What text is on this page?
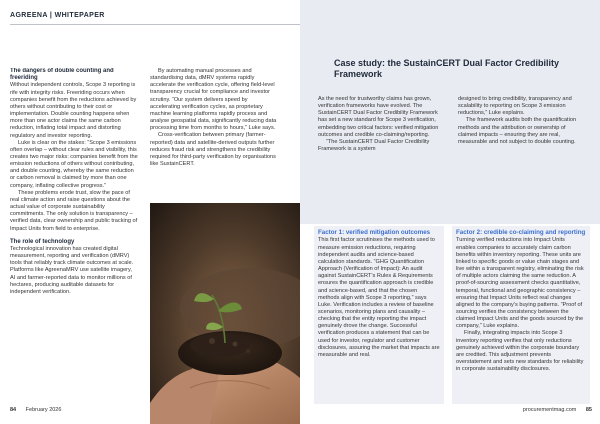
AGREENA | WHITEPAPER

The dangers of double counting and freeriding

Without independent controls, Scope 3 reporting is rife with integrity risks. Freeriding occurs when companies benefit from the reductions achieved by others without contributing to their cost or implementation. Double counting happens when more than one actor claims the same carbon reduction, inflating total impact and distorting regulatory and investor reporting.

Luke is clear on the stakes: “Scope 3 emissions often overlap – without clear rules and visibility, this creates two major risks: companies benefit from the emission reductions of others without contributing, and double counting, whereby the same reduction or carbon removal is claimed by more than one company, inflating collective progress.”

These problems erode trust, slow the pace of real climate action and raise questions about the actual value of corporate sustainability commitments. The only solution is transparency – verified data, clear ownership and public tracking of Impact Units from field to enterprise.

The role of technology

Technological innovation has created digital measurement, reporting and verification (dMRV) tools that reliably track climate outcomes at scale. Platforms like AgreenaMRV use satellite imagery, AI and farmer-reported data to monitor millions of hectares, producing auditable datasets for independent verification.

By automating manual processes and standardising data, dMRV systems rapidly accelerate the verification cycle, offering field-level transparency crucial for compliance and investor scrutiny. “Our system delivers speed by accelerating verification cycles, as proprietary machine learning platforms rapidly process and analyse geospatial data, significantly reducing data processing time from months to hours,” Luke says.

Cross-verification between primary (farmer-reported) data and satellite-derived outputs further reduces fraud risk and strengthens the credibility required for third-party verification by organisations like SustainCERT.

84 February 2026
Case study: the SustainCERT Dual Factor Credibility Framework

As the need for trustworthy claims has grown, verification frameworks have evolved. The SustainCERT Dual Factor Credibility Framework has set a new standard for Scope 3 verification, embedding two critical factors: verified mitigation outcomes and credible co-claiming/reporting.

“The SustainCERT Dual Factor Credibility Framework is a system

designed to bring credibility, transparency and scalability to reporting on Scope 3 emission reductions,” Luke explains.

The framework audits both the quantification methods and the attribution or ownership of claimed impacts – ensuring they are real, measurable and not subject to double counting.

Factor 1: verified mitigation outcomes

This first factor scrutinises the methods used to measure emission reductions, requiring independent audits and science-based calculation standards. “GHG Quantification Approach (Verification of Impact): An audit against SustainCERT’s Rules & Requirements ensures the quantification approach is credible and science-based, and that the chosen methods align with Scope 3 reporting,” says Luke. Verification includes a review of baseline scenarios, monitoring plans and causality – checking that the entity reporting the impact genuinely drove the change. Successful verification produces a statement that can be used for investor, regulator and customer disclosures, assuring the market that impacts are measurable and real.

Factor 2: credible co-claiming and reporting

Turning verified reductions into Impact Units enables companies to accurately claim carbon benefits within inventory reporting. These units are linked to specific goods or value chain stages and live within a transparent registry, eliminating the risk of multiple actors claiming the same reduction. A proof-of-sourcing assessment checks quantitative, temporal, functional and geographic consistency – ensuring that Impact Units reflect real changes aligned to the company’s buying patterns. “Proof of sourcing verifies the consistency between the claimed Impact Units and the goods sourced by the company,” Luke explains.

Finally, integrating impacts into Scope 3 inventory reporting verifies that only reductions genuinely achieved within the corporate boundary are credited. This adjustment prevents overstatement and sets new standards for reliability in corporate sustainability disclosures.

procurementmag.com 85
